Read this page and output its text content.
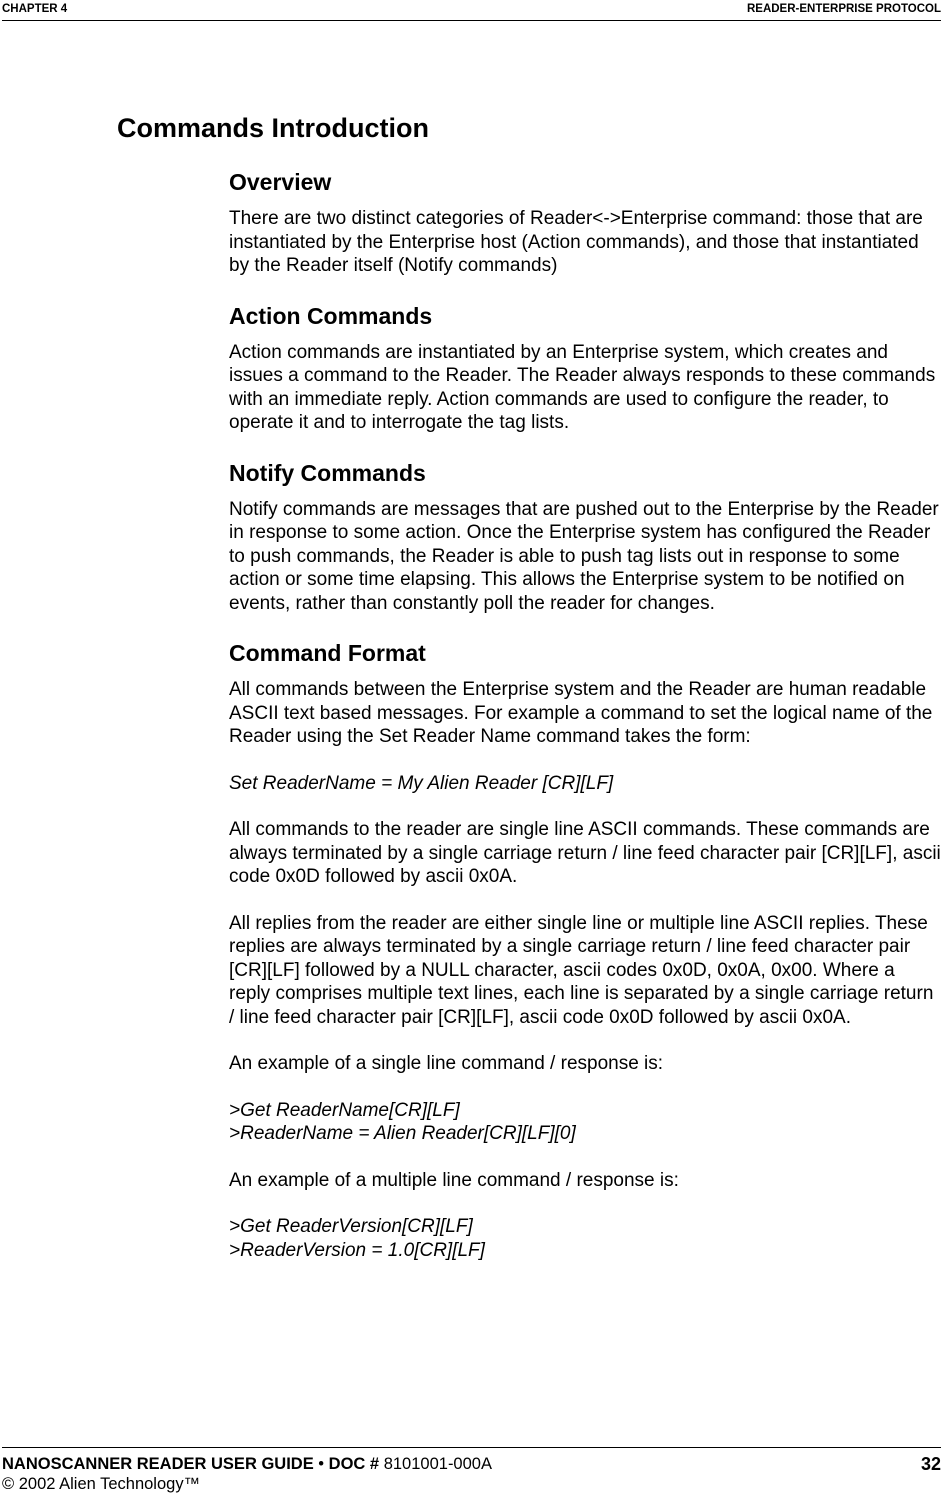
CHAPTER 4	READER-ENTERPRISE PROTOCOL
Commands Introduction
Overview

There are two distinct categories of Reader<->Enterprise command: those that are instantiated by the Enterprise host (Action commands), and those that instantiated by the Reader itself (Notify commands)

Action Commands

Action commands are instantiated by an Enterprise system, which creates and issues a command to the Reader. The Reader always responds to these commands with an immediate reply. Action commands are used to configure the reader, to operate it and to interrogate the tag lists.

Notify Commands

Notify commands are messages that are pushed out to the Enterprise by the Reader in response to some action. Once the Enterprise system has configured the Reader to push commands, the Reader is able to push tag lists out in response to some action or some time elapsing. This allows the Enterprise system to be notified on events, rather than constantly poll the reader for changes.

Command Format

All commands between the Enterprise system and the Reader are human readable ASCII text based messages. For example a command to set the logical name of the Reader using the Set Reader Name command takes the form:

Set ReaderName = My Alien Reader [CR][LF]

All commands to the reader are single line ASCII commands. These commands are always terminated by a single carriage return / line feed character pair [CR][LF], ascii code 0x0D followed by ascii 0x0A.

All replies from the reader are either single line or multiple line ASCII replies. These replies are always terminated by a single carriage return / line feed character pair [CR][LF] followed by a NULL character, ascii codes 0x0D, 0x0A, 0x00. Where a reply comprises multiple text lines, each line is separated by a single carriage return / line feed character pair [CR][LF], ascii code 0x0D followed by ascii 0x0A.

An example of a single line command / response is:

>Get ReaderName[CR][LF]
>ReaderName = Alien Reader[CR][LF][0]

An example of a multiple line command / response is:

>Get ReaderVersion[CR][LF]
>ReaderVersion = 1.0[CR][LF]

NANOSCANNER READER USER GUIDE • DOC # 8101001-000A	32
© 2002 Alien Technology™
